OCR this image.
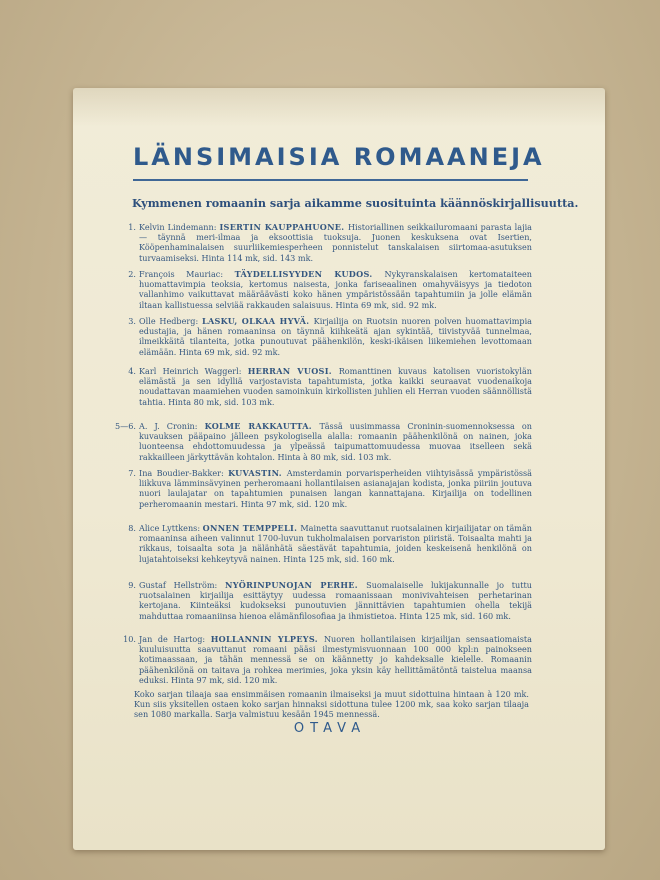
LÄNSIMAISIA ROMAANEJA
Kymmenen romaanin sarja aikamme suosituinta käännöskirjallisuutta.
1. Kelvin Lindemann: ISERTIN KAUPPAHUONE. Historiallinen seikkailuromaani parasta lajia — täynnä meri-ilmaa ja eksoottisia tuoksuja. Juonen keskuksena ovat Isertien, Kööpenhaminalaisen suurliikemiesperheen ponnistelut tanskalaisen siirtomaa-asutuksen turvaamiseksi. Hinta 114 mk, sid. 143 mk.
2. François Mauriac: TÄYDELLISYYDEN KUDOS. Nykyranskalaisen kertomataiteen huomattavimpia teoksia, kertomus naisesta, jonka fariseaalinen omahyväisyys ja tiedoton vallanhimo vaikuttavat määräävästi koko hänen ympäristössään tapahtumiin ja jolle elämän iltaan kallistuessa selviää rakkauden salaisuus. Hinta 69 mk, sid. 92 mk.
3. Olle Hedberg: LASKU, OLKAA HYVÄ. Kirjailija on Ruotsin nuoren polven huomattavimpia edustajia, ja hänen romaaninsa on täynnä kiihkeätä ajan sykintää, tiivistyvää tunnelmaa, ilmeikkäitä tilanteita, jotka punoutuvat päähenkilön, keski-ikäisen liikemiehen levottomaan elämään. Hinta 69 mk, sid. 92 mk.
4. Karl Heinrich Waggerl: HERRAN VUOSI. Romanttinen kuvaus katolisen vuoristokylän elämästä ja sen idylliä varjostavista tapahtumista, jotka kaikki seuraavat vuodenaikoja noudattavan maamiehen vuoden samoinkuin kirkollisten juhlien eli Herran vuoden säännöllistä tahtia. Hinta 80 mk, sid. 103 mk.
5—6. A. J. Cronin: KOLME RAKKAUTTA. Tässä uusimmassa Croninin-suomennoksessa on kuvauksen pääpaino jälleen psykologisella alalla: romaanin päähenkilönä on nainen, joka luonteensa ehdottomuudessa ja ylpeässä taipumattomuudessa muovaa itselleen sekä rakkailleen järkyttävän kohtalon. Hinta à 80 mk, sid. 103 mk.
7. Ina Boudier-Bakker: KUVASTIN. Amsterdamin porvarisperheiden viihtyisässä ympäristössä liikkuva lämminsävyinen perheromaani hollantilaisen asianajajan kodista, jonka piiriin joutuva nuori laulajatar on tapahtumien punaisen langan kannattajana. Kirjailija on todellinen perheromaanin mestari. Hinta 97 mk, sid. 120 mk.
8. Alice Lyttkens: ONNEN TEMPPELI. Mainetta saavuttanut ruotsalainen kirjailijatar on tämän romaaninsa aiheen valinnut 1700-luvun tukholmalaisen porvariston piiristä. Toisaalta mahti ja rikkaus, toisaalta sota ja nälänhätä säestävät tapahtumia, joiden keskeisenä henkilönä on lujatahtoiseksi kehkeytyvä nainen. Hinta 125 mk, sid. 160 mk.
9. Gustaf Hellström: NYÖRINPUNOJAN PERHE. Suomalaiselle lukijakunnalle jo tuttu ruotsalainen kirjailija esittäytyy uudessa romaanissaan monivivahteisen perhetarinan kertojana. Kiinteäksi kudokseksi punoutuvien jännittävien tapahtumien ohella tekijä mahduttaa romaaniinsa hienoa elämänfilosofiaa ja ihmistietoa. Hinta 125 mk, sid. 160 mk.
10. Jan de Hartog: HOLLANNIN YLPEYS. Nuoren hollantilaisen kirjailijan sensaatiomaista kuuluisuutta saavuttanut romaani pääsi ilmestymisvuonnaan 100 000 kpl:n painokseen kotimaassaan, ja tähän mennessä se on käännetty jo kahdeksalle kielelle. Romaanin päähenkilönä on taitava ja rohkea merimies, joka yksin käy hellittämätöntä taistelua maansa eduksi. Hinta 97 mk, sid. 120 mk.

Koko sarjan tilaaja saa ensimmäisen romaanin ilmaiseksi ja muut sidottuina hintaan à 120 mk. Kun siis yksitellen ostaen koko sarjan hinnaksi sidottuna tulee 1200 mk, saa koko sarjan tilaaja sen 1080 markalla. Sarja valmistuu kesään 1945 mennessä.

OTAVA
